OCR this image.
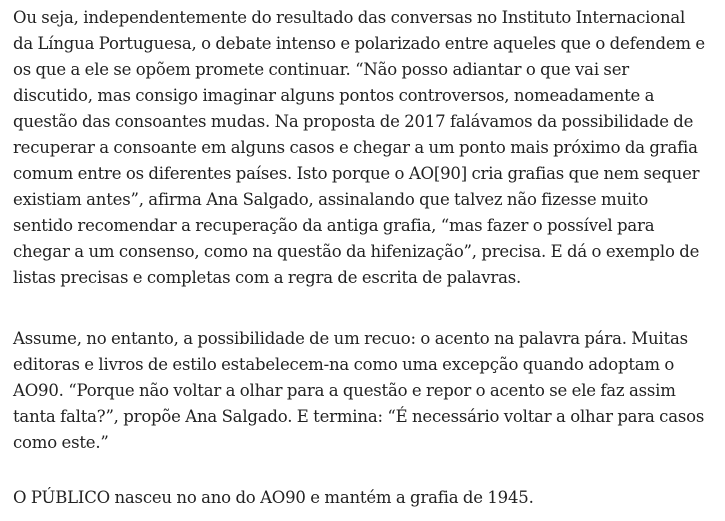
Ou seja, independentemente do resultado das conversas no Instituto Internacional
da Língua Portuguesa, o debate intenso e polarizado entre aqueles que o defendem e
os que a ele se opõem promete continuar. “Não posso adiantar o que vai ser
discutido, mas consigo imaginar alguns pontos controversos, nomeadamente a
questão das consoantes mudas. Na proposta de 2017 falávamos da possibilidade de
recuperar a consoante em alguns casos e chegar a um ponto mais próximo da grafia
comum entre os diferentes países. Isto porque o AO[90] cria grafias que nem sequer
existiam antes”, afirma Ana Salgado, assinalando que talvez não fizesse muito
sentido recomendar a recuperação da antiga grafia, “mas fazer o possível para
chegar a um consenso, como na questão da hifenização”, precisa. E dá o exemplo de
listas precisas e completas com a regra de escrita de palavras.

Assume, no entanto, a possibilidade de um recuo: o acento na palavra pára. Muitas
editoras e livros de estilo estabelecem-na como uma excepção quando adoptam o
AO90. “Porque não voltar a olhar para a questão e repor o acento se ele faz assim
tanta falta?”, propõe Ana Salgado. E termina: “É necessário voltar a olhar para casos
como este.”

O PÚBLICO nasceu no ano do AO90 e mantém a grafia de 1945.
